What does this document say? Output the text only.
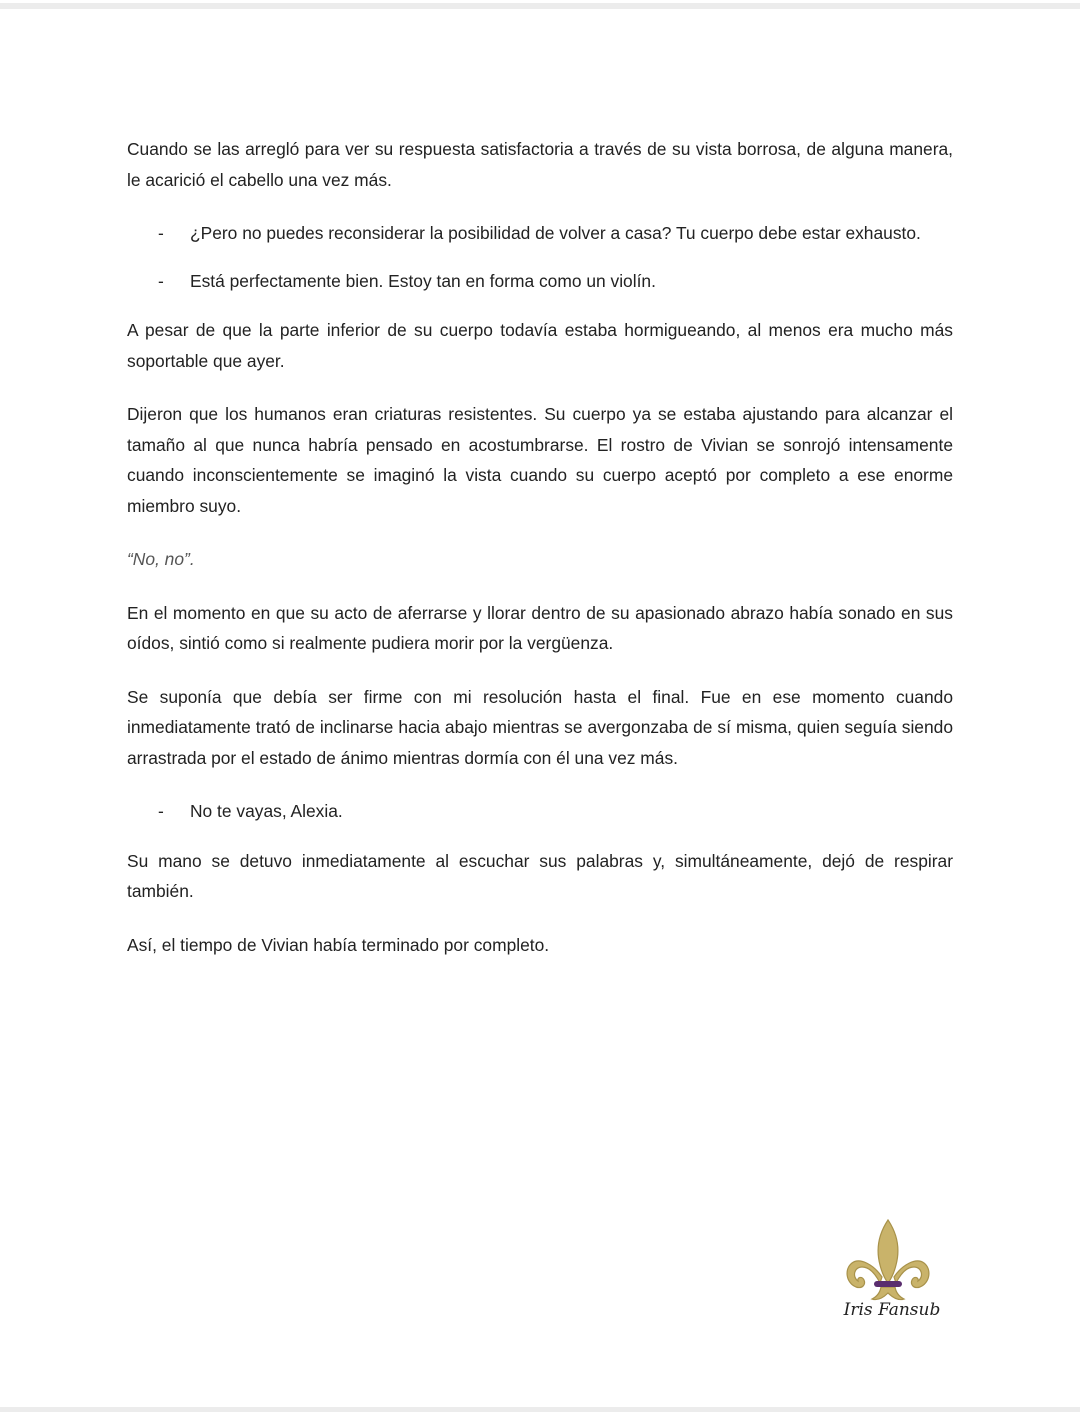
Cuando se las arregló para ver su respuesta satisfactoria a través de su vista borrosa, de alguna manera, le acarició el cabello una vez más.

-	¿Pero no puedes reconsiderar la posibilidad de volver a casa? Tu cuerpo debe estar exhausto.
-	Está perfectamente bien. Estoy tan en forma como un violín.

A pesar de que la parte inferior de su cuerpo todavía estaba hormigueando, al menos era mucho más soportable que ayer.

Dijeron que los humanos eran criaturas resistentes. Su cuerpo ya se estaba ajustando para alcanzar el tamaño al que nunca habría pensado en acostumbrarse. El rostro de Vivian se sonrojó intensamente cuando inconscientemente se imaginó la vista cuando su cuerpo aceptó por completo a ese enorme miembro suyo.

“No, no”.

En el momento en que su acto de aferrarse y llorar dentro de su apasionado abrazo había sonado en sus oídos, sintió como si realmente pudiera morir por la vergüenza.

Se suponía que debía ser firme con mi resolución hasta el final. Fue en ese momento cuando inmediatamente trató de inclinarse hacia abajo mientras se avergonzaba de sí misma, quien seguía siendo arrastrada por el estado de ánimo mientras dormía con él una vez más.

-	No te vayas, Alexia.

Su mano se detuvo inmediatamente al escuchar sus palabras y, simultáneamente, dejó de respirar también.

Así, el tiempo de Vivian había terminado por completo.

Iris Fansub
